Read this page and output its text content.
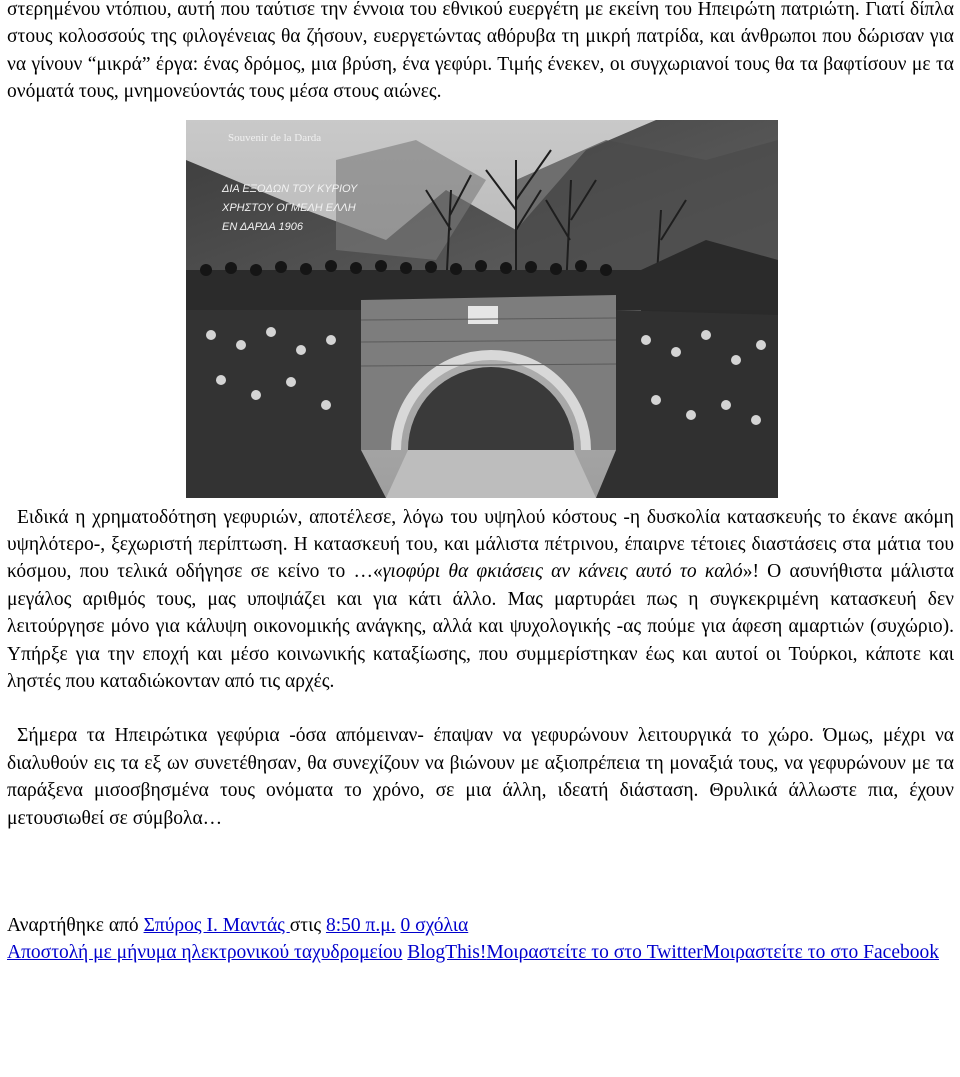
στερημένου ντόπιου, αυτή που ταύτισε την έννοια του εθνικού ευεργέτη με εκείνη του Ηπειρώτη πατριώτη. Γιατί δίπλα στους κολοσσούς της φιλογένειας θα ζήσουν, ευεργετώντας αθόρυβα τη μικρή πατρίδα, και άνθρωποι που δώρισαν για να γίνουν “μικρά” έργα: ένας δρόμος, μια βρύση, ένα γεφύρι. Τιμής ένεκεν, οι συγχωριανοί τους θα τα βαφτίσουν με τα ονόματά τους, μνημονεύοντάς τους μέσα στους αιώνες.

Souvenir de la Darda
ΔΙΑ ΕΞΟΔΩΝ ΤΟΥ ΚΥΡΙΟΥ
ΧΡΗΣΤΟΥ ΟΓΜΕΛΗ ΕΛΛΗ
ΕΝ ΔΑΡΔΑ 1906

Ειδικά η χρηματοδότηση γεφυριών, αποτέλεσε, λόγω του υψηλού κόστους -η δυσκολία κατασκευής το έκανε ακόμη υψηλότερο-, ξεχωριστή περίπτωση. Η κατασκευή του, και μάλιστα πέτρινου, έπαιρνε τέτοιες διαστάσεις στα μάτια του κόσμου, που τελικά οδήγησε σε κείνο το …«γιοφύρι θα φκιάσεις αν κάνεις αυτό το καλό»! Ο ασυνήθιστα μάλιστα μεγάλος αριθμός τους, μας υποψιάζει και για κάτι άλλο. Μας μαρτυράει πως η συγκεκριμένη κατασκευή δεν λειτούργησε μόνο για κάλυψη οικονομικής ανάγκης, αλλά και ψυχολογικής -ας πούμε για άφεση αμαρτιών (συχώριο). Υπήρξε για την εποχή και μέσο κοινωνικής καταξίωσης, που συμμερίστηκαν έως και αυτοί οι Τούρκοι, κάποτε και ληστές που καταδιώκονταν από τις αρχές.

Σήμερα τα Ηπειρώτικα γεφύρια -όσα απόμειναν- έπαψαν να γεφυρώνουν λειτουργικά το χώρο. Όμως, μέχρι να διαλυθούν εις τα εξ ων συνετέθησαν, θα συνεχίζουν να βιώνουν με αξιοπρέπεια τη μοναξιά τους, να γεφυρώνουν με τα παράξενα μισοσβησμένα τους ονόματα το χρόνο, σε μια άλλη, ιδεατή διάσταση. Θρυλικά άλλωστε πια, έχουν μετουσιωθεί σε σύμβολα…

Αναρτήθηκε από Σπύρος Ι. Μαντάς στις 8:50 π.μ. 0 σχόλια
Αποστολή με μήνυμα ηλεκτρονικού ταχυδρομείου BlogThis!Μοιραστείτε το στο TwitterΜοιραστείτε το στο Facebook
